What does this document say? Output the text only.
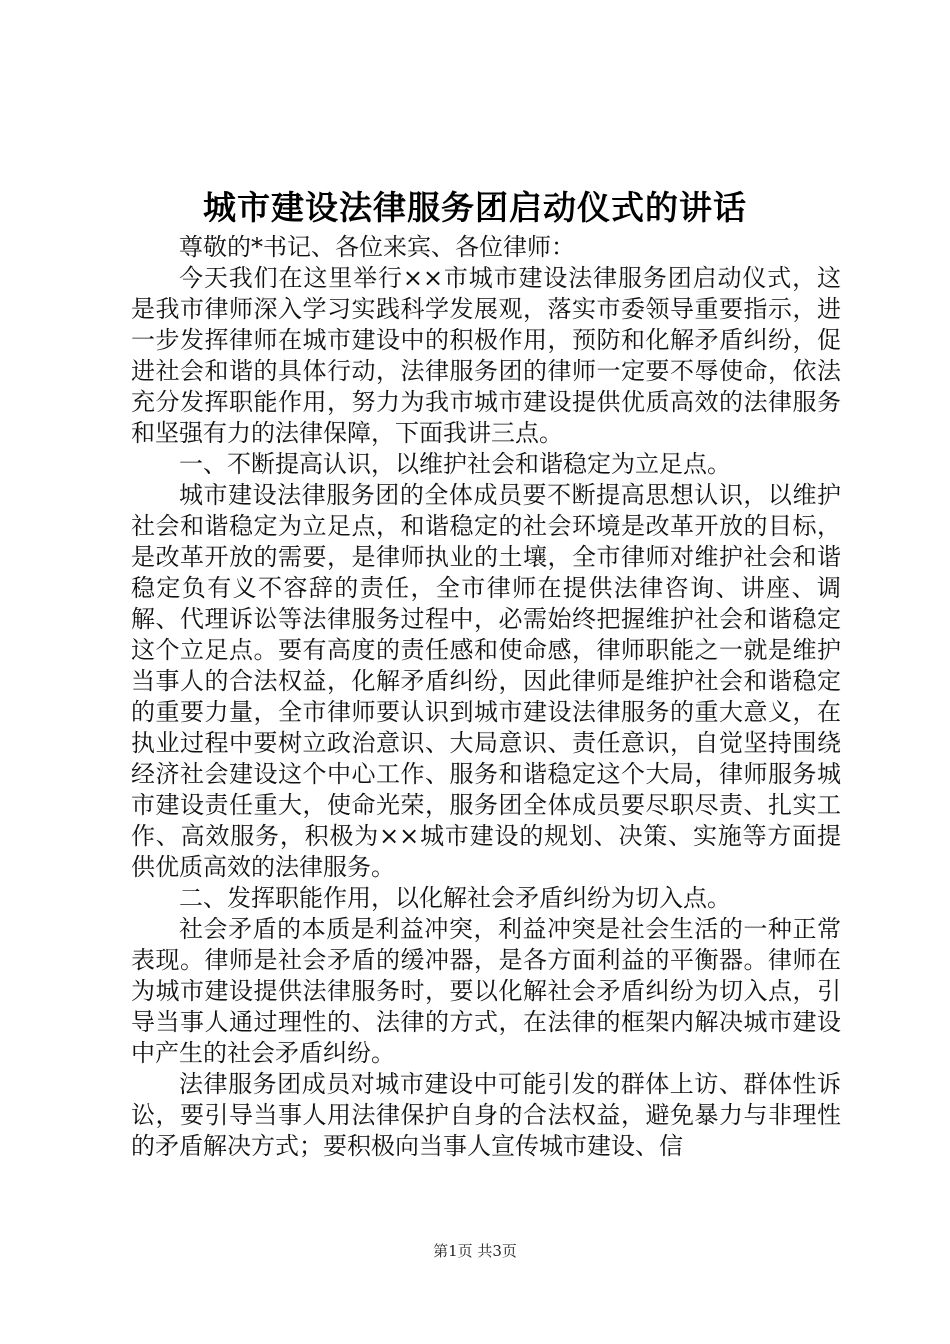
城市建设法律服务团启动仪式的讲话

尊敬的*书记、各位来宾、各位律师：

今天我们在这里举行××市城市建设法律服务团启动仪式，这是我市律师深入学习实践科学发展观，落实市委领导重要指示，进一步发挥律师在城市建设中的积极作用，预防和化解矛盾纠纷，促进社会和谐的具体行动，法律服务团的律师一定要不辱使命，依法充分发挥职能作用，努力为我市城市建设提供优质高效的法律服务和坚强有力的法律保障，下面我讲三点。

一、不断提高认识，以维护社会和谐稳定为立足点。

城市建设法律服务团的全体成员要不断提高思想认识，以维护社会和谐稳定为立足点，和谐稳定的社会环境是改革开放的目标，是改革开放的需要，是律师执业的土壤，全市律师对维护社会和谐稳定负有义不容辞的责任，全市律师在提供法律咨询、讲座、调解、代理诉讼等法律服务过程中，必需始终把握维护社会和谐稳定这个立足点。要有高度的责任感和使命感，律师职能之一就是维护当事人的合法权益，化解矛盾纠纷，因此律师是维护社会和谐稳定的重要力量，全市律师要认识到城市建设法律服务的重大意义，在执业过程中要树立政治意识、大局意识、责任意识，自觉坚持围绕经济社会建设这个中心工作、服务和谐稳定这个大局，律师服务城市建设责任重大，使命光荣，服务团全体成员要尽职尽责、扎实工作、高效服务，积极为××城市建设的规划、决策、实施等方面提供优质高效的法律服务。

二、发挥职能作用，以化解社会矛盾纠纷为切入点。

社会矛盾的本质是利益冲突，利益冲突是社会生活的一种正常表现。律师是社会矛盾的缓冲器，是各方面利益的平衡器。律师在为城市建设提供法律服务时，要以化解社会矛盾纠纷为切入点，引导当事人通过理性的、法律的方式，在法律的框架内解决城市建设中产生的社会矛盾纠纷。

法律服务团成员对城市建设中可能引发的群体上访、群体性诉讼，要引导当事人用法律保护自身的合法权益，避免暴力与非理性的矛盾解决方式；要积极向当事人宣传城市建设、信

第1页 共3页
